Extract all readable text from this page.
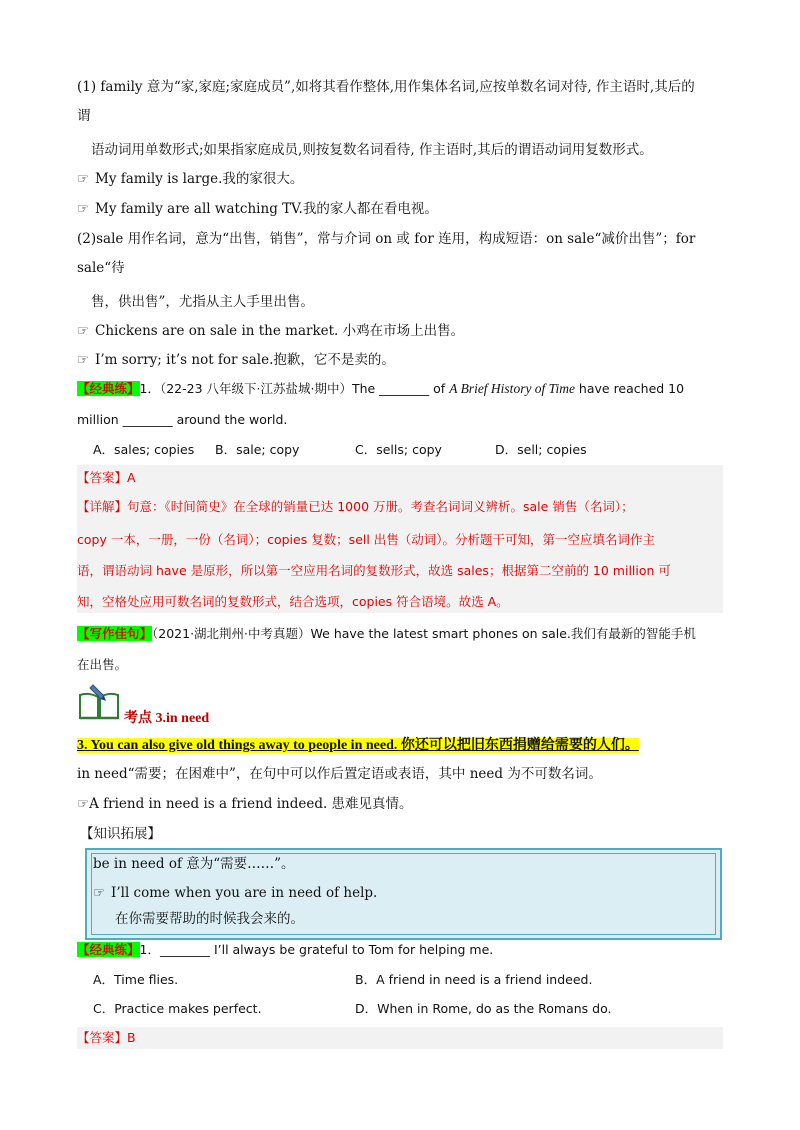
(1) family 意为“家,家庭;家庭成员”,如将其看作整体,用作集体名词,应按单数名词对待, 作主语时,其后的
谓
语动词用单数形式;如果指家庭成员,则按复数名词看待, 作主语时,其后的谓语动词用复数形式。
☞ My family is large.我的家很大。
☞ My family are all watching TV.我的家人都在看电视。
(2)sale 用作名词，意为“出售，销售”，常与介词 on 或 for 连用，构成短语：on sale“减价出售”；for
sale“待
售，供出售”，尤指从主人手里出售。
☞ Chickens are on sale in the market. 小鸡在市场上出售。
☞ I’m sorry; it’s not for sale.抱歉，它不是卖的。
【经典练】1．（22-23 八年级下·江苏盐城·期中）The ________ of A Brief History of Time have reached 10
million ________ around the world.
A．sales; copies B．sale; copy	C．sells; copy	D．sell; copies
【答案】A
【详解】句意：《时间简史》在全球的销量已达 1000 万册。考查名词词义辨析。sale 销售（名词）；
copy 一本，一册，一份（名词）；copies 复数；sell 出售（动词）。分析题干可知，第一空应填名词作主
语，谓语动词 have 是原形，所以第一空应用名词的复数形式，故选 sales；根据第二空前的 10 million 可
知，空格处应用可数名词的复数形式，结合选项，copies 符合语境。故选 A。
【写作佳句】（2021·湖北荆州·中考真题）We have the latest smart phones on sale.我们有最新的智能手机
在出售。
考点 3.in need
3. You can also give old things away to people in need. 你还可以把旧东西捐赠给需要的人们。
in need“需要；在困难中”，在句中可以作后置定语或表语，其中 need 为不可数名词。
☞A friend in need is a friend indeed. 患难见真情。
【知识拓展】
be in need of 意为“需要……”。
☞ I’ll come when you are in need of help.
在你需要帮助的时候我会来的。
【经典练】1．________ I’ll always be grateful to Tom for helping me.
A．Time flies.	B．A friend in need is a friend indeed.
C．Practice makes perfect.	D．When in Rome, do as the Romans do.
【答案】B
